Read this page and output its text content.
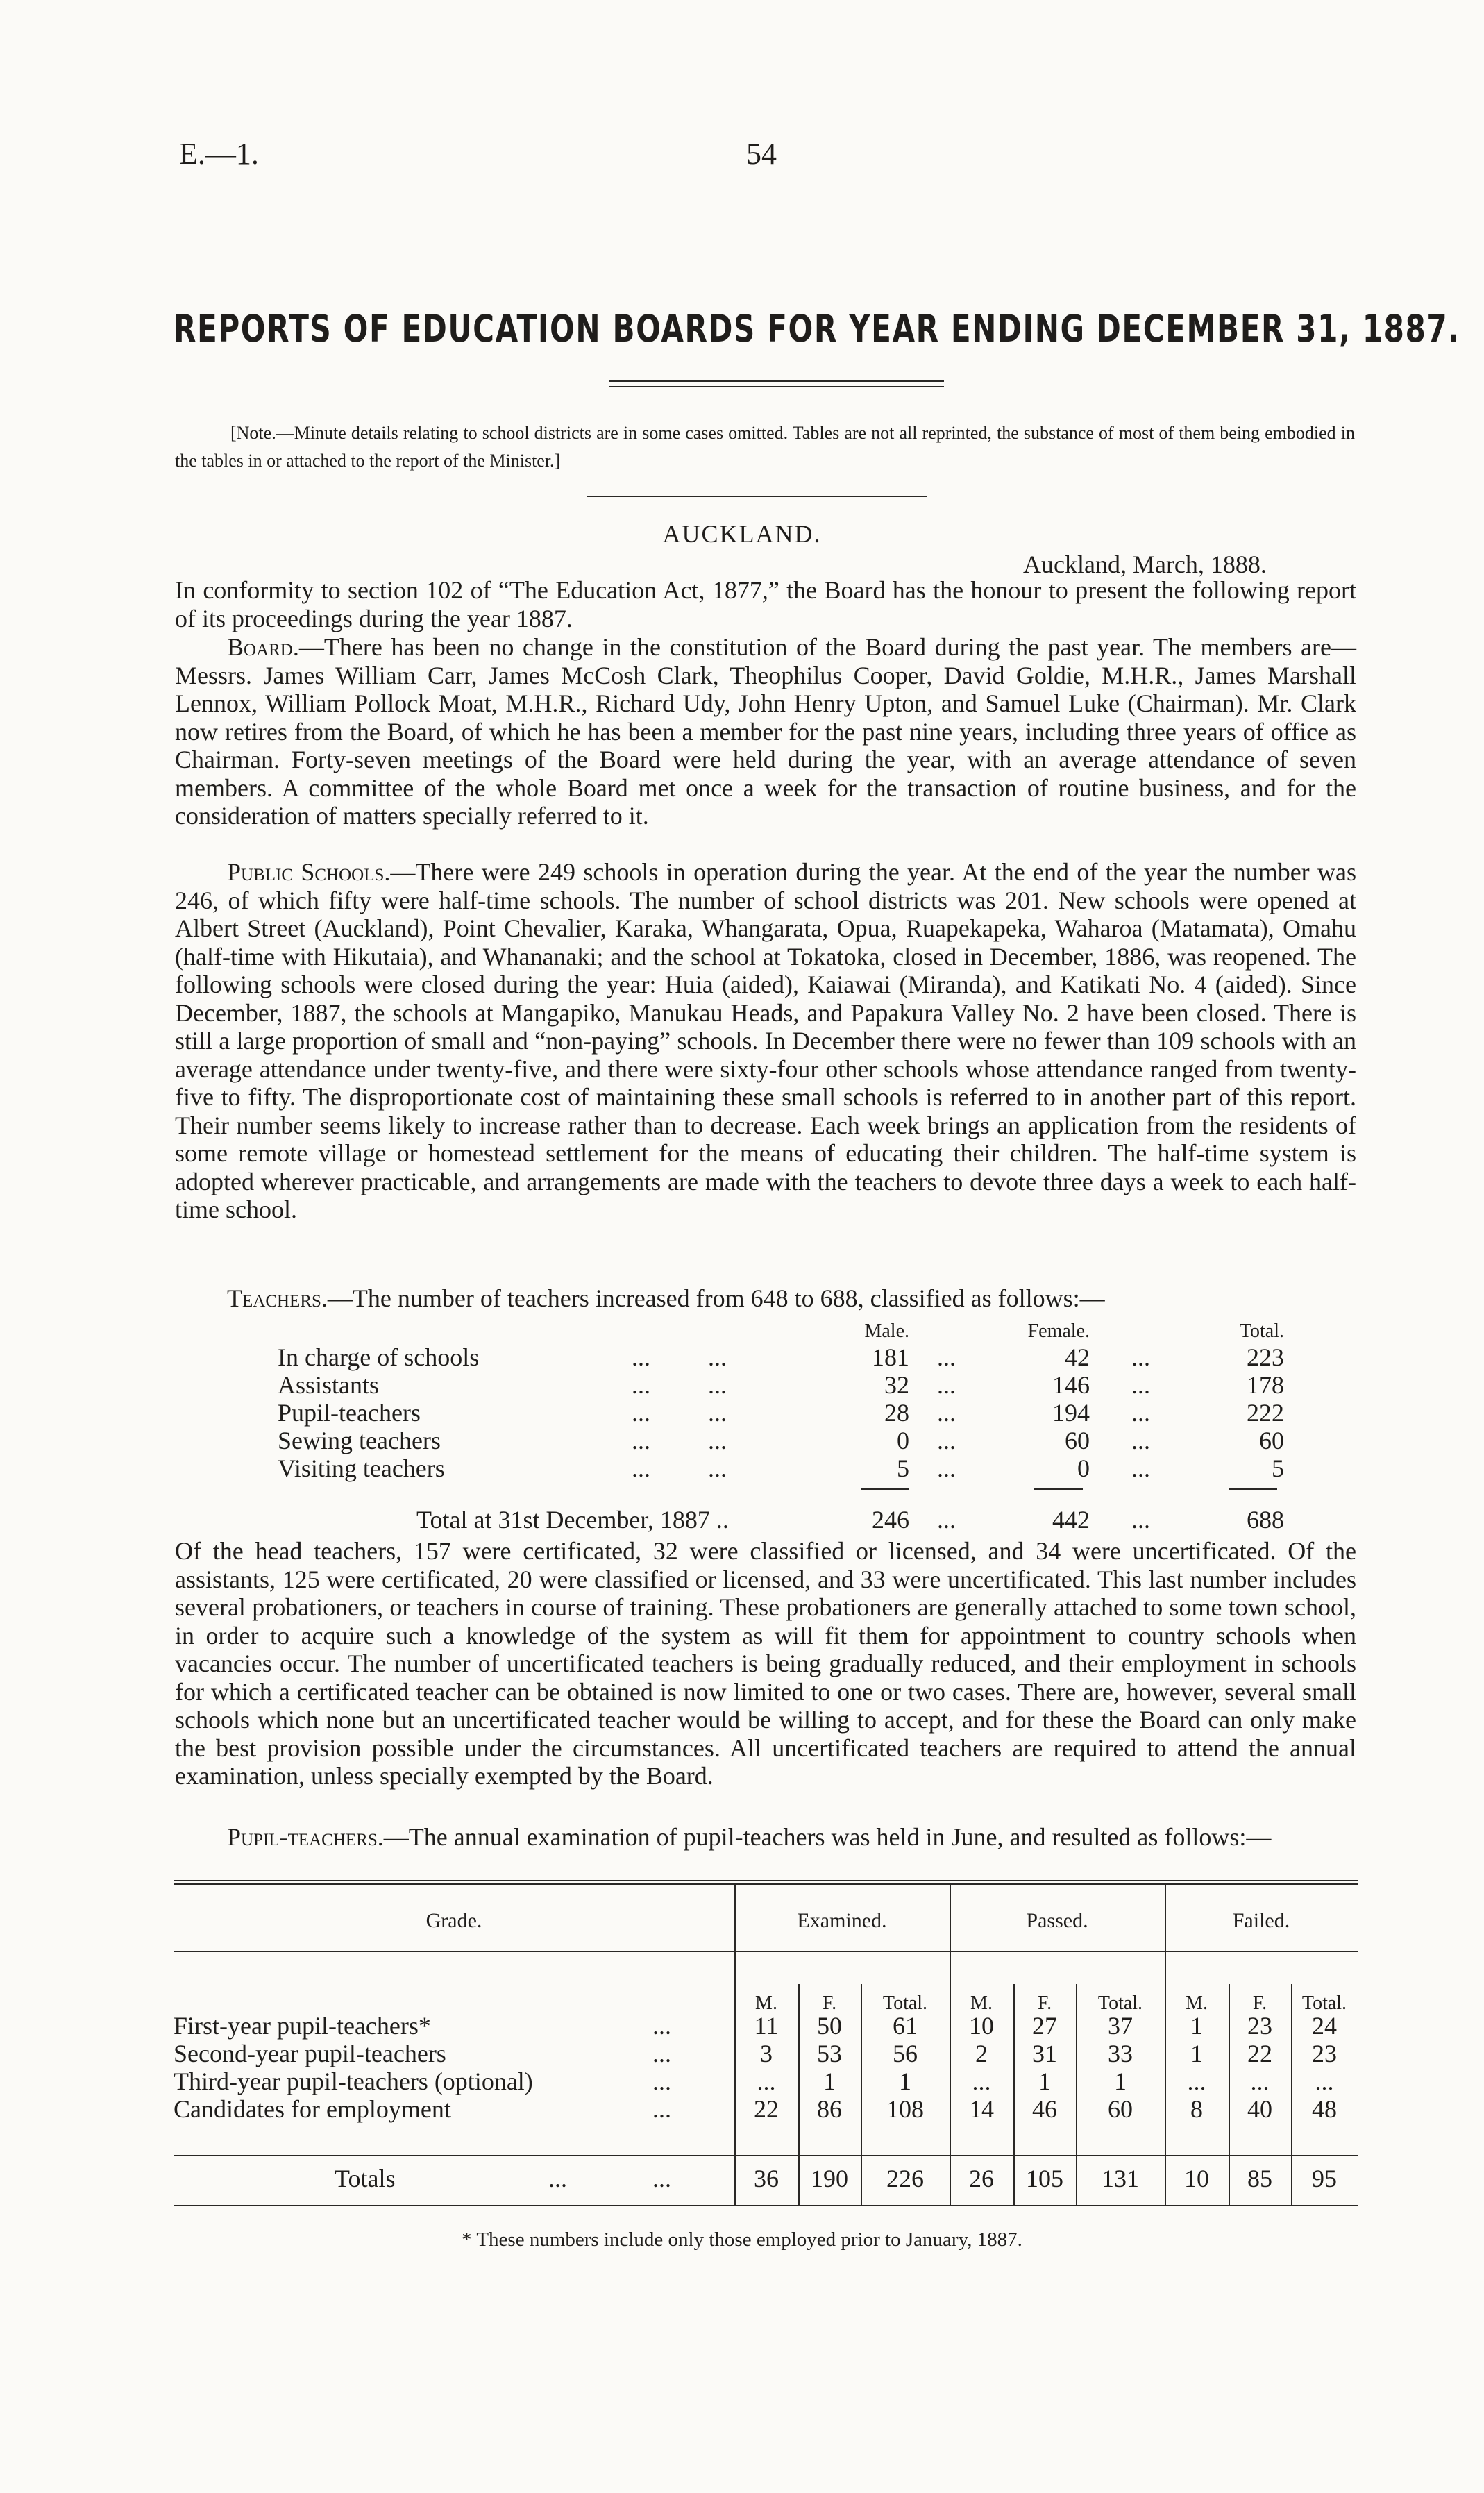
E.—1.	54
REPORTS OF EDUCATION BOARDS FOR YEAR ENDING DECEMBER 31, 1887.
[Note.—Minute details relating to school districts are in some cases omitted. Tables are not all reprinted, the substance of most of them being embodied in the tables in or attached to the report of the Minister.]
AUCKLAND.
Auckland, March, 1888.
In conformity to section 102 of “The Education Act, 1877,” the Board has the honour to present the following report of its proceedings during the year 1887.
Board.—There has been no change in the constitution of the Board during the past year. The members are—Messrs. James William Carr, James McCosh Clark, Theophilus Cooper, David Goldie, M.H.R., James Marshall Lennox, William Pollock Moat, M.H.R., Richard Udy, John Henry Upton, and Samuel Luke (Chairman). Mr. Clark now retires from the Board, of which he has been a member for the past nine years, including three years of office as Chairman. Forty-seven meetings of the Board were held during the year, with an average attendance of seven members. A committee of the whole Board met once a week for the transaction of routine business, and for the consideration of matters specially referred to it.
Public Schools.—There were 249 schools in operation during the year. At the end of the year the number was 246, of which fifty were half-time schools. The number of school districts was 201. New schools were opened at Albert Street (Auckland), Point Chevalier, Karaka, Whangarata, Opua, Ruapekapeka, Waharoa (Matamata), Omahu (half-time with Hikutaia), and Whananaki; and the school at Tokatoka, closed in December, 1886, was reopened. The following schools were closed during the year: Huia (aided), Kaiawai (Miranda), and Katikati No. 4 (aided). Since December, 1887, the schools at Mangapiko, Manukau Heads, and Papakura Valley No. 2 have been closed. There is still a large proportion of small and “non-paying” schools. In December there were no fewer than 109 schools with an average attendance under twenty-five, and there were sixty-four other schools whose attendance ranged from twenty-five to fifty. The disproportionate cost of maintaining these small schools is referred to in another part of this report. Their number seems likely to increase rather than to decrease. Each week brings an application from the residents of some remote village or homestead settlement for the means of educating their children. The half-time system is adopted wherever practicable, and arrangements are made with the teachers to devote three days a week to each half-time school.
Teachers.—The number of teachers increased from 648 to 688, classified as follows:—
Male.	Female.	Total.
In charge of schools	... ...	181 ...	42 ...	223
Assistants	... ...	32 ...	146 ...	178
Pupil-teachers	... ...	28 ...	194 ...	222
Sewing teachers	... ...	0 ...	60 ...	60
Visiting teachers	... ...	5 ...	0 ...	5
Total at 31st December, 1887 ..	246 ...	442 ...	688
Of the head teachers, 157 were certificated, 32 were classified or licensed, and 34 were uncertificated. Of the assistants, 125 were certificated, 20 were classified or licensed, and 33 were uncertificated. This last number includes several probationers, or teachers in course of training. These probationers are generally attached to some town school, in order to acquire such a knowledge of the system as will fit them for appointment to country schools when vacancies occur. The number of uncertificated teachers is being gradually reduced, and their employment in schools for which a certificated teacher can be obtained is now limited to one or two cases. There are, however, several small schools which none but an uncertificated teacher would be willing to accept, and for these the Board can only make the best provision possible under the circumstances. All uncertificated teachers are required to attend the annual examination, unless specially exempted by the Board.
Pupil-teachers.—The annual examination of pupil-teachers was held in June, and resulted as follows:—
Grade.	Examined.	Passed.	Failed.
M.	F.	Total.	M.	F.	Total.	M.	F.	Total.
First-year pupil-teachers*	...	11	50	61	10	27	37	1	23	24
Second-year pupil-teachers	...	3	53	56	2	31	33	1	22	23
Third-year pupil-teachers (optional)	...	...	1	1	...	1	1	...	...	...
Candidates for employment	...	22	86	108	14	46	60	8	40	48
Totals	...	...	36	190	226	26	105	131	10	85	95
* These numbers include only those employed prior to January, 1887.
